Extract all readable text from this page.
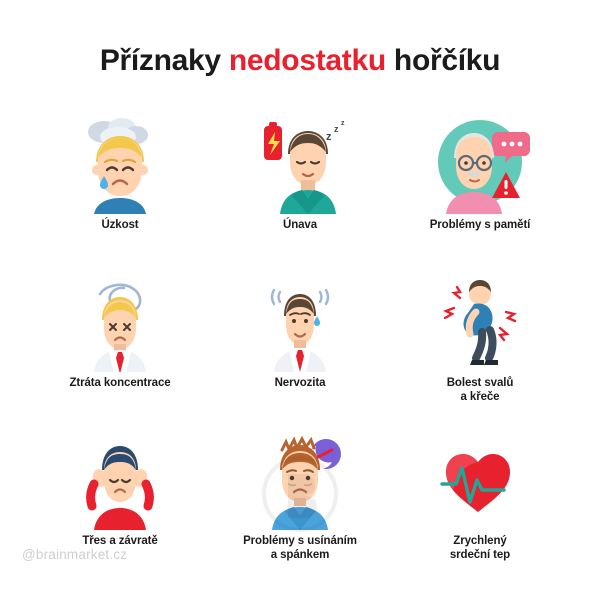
Příznaky nedostatku hořčíku
Úzkost
z
z
z
Únava	Problémy s pamětí
Ztráta koncentrace	Nervozita	Bolest svalů
a křeče
Třes a závratě	Problémy s usínáním
a spánkem
Zrychlený
srdeční tep
@brainmarket.cz
